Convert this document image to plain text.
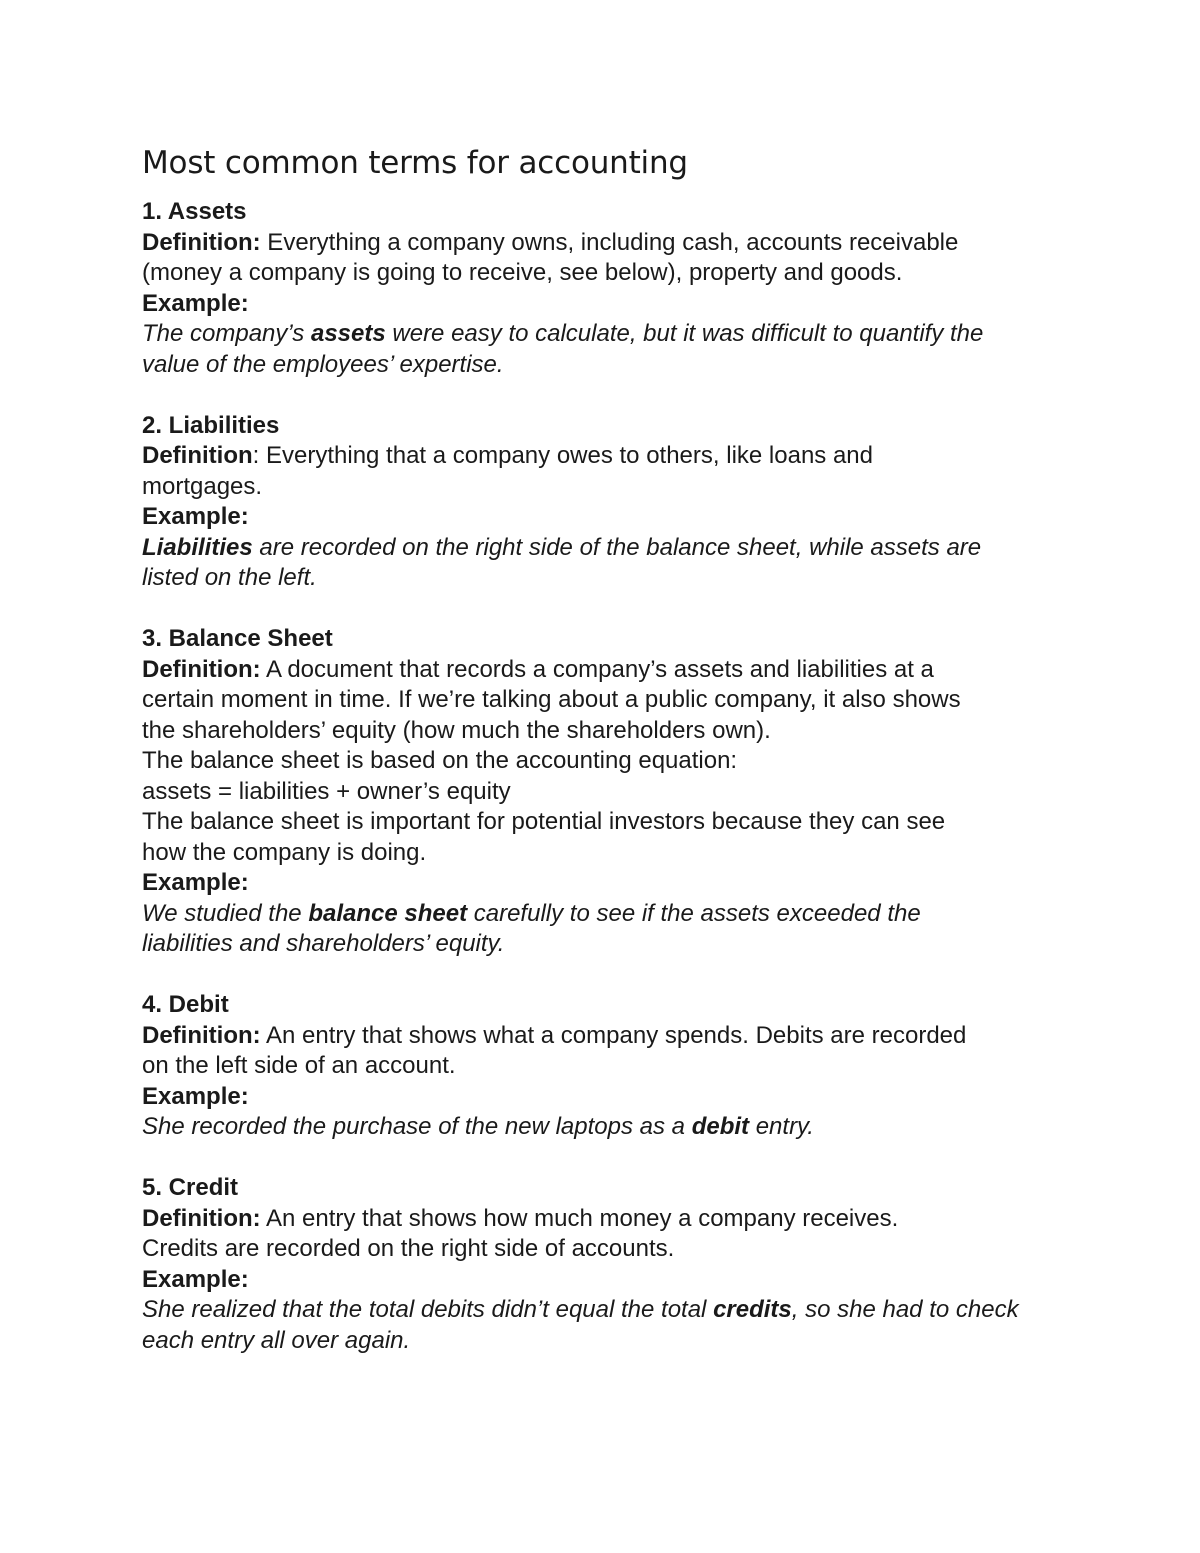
Most common terms for accounting
1. Assets
Definition: Everything a company owns, including cash, accounts receivable
(money a company is going to receive, see below), property and goods.
Example:
The company’s assets were easy to calculate, but it was difficult to quantify the value of the employees’ expertise.
2. Liabilities
Definition: Everything that a company owes to others, like loans and
mortgages.
Example:
Liabilities are recorded on the right side of the balance sheet, while assets are listed on the left.
3. Balance Sheet
Definition: A document that records a company’s assets and liabilities at a
certain moment in time. If we’re talking about a public company, it also shows
the shareholders’ equity (how much the shareholders own).
The balance sheet is based on the accounting equation:
assets = liabilities + owner’s equity
The balance sheet is important for potential investors because they can see
how the company is doing.
Example:
We studied the balance sheet carefully to see if the assets exceeded the liabilities and shareholders’ equity.
4. Debit
Definition: An entry that shows what a company spends. Debits are recorded
on the left side of an account.
Example:
She recorded the purchase of the new laptops as a debit entry.
5. Credit
Definition: An entry that shows how much money a company receives.
Credits are recorded on the right side of accounts.
Example:
She realized that the total debits didn’t equal the total credits, so she had to check each entry all over again.
